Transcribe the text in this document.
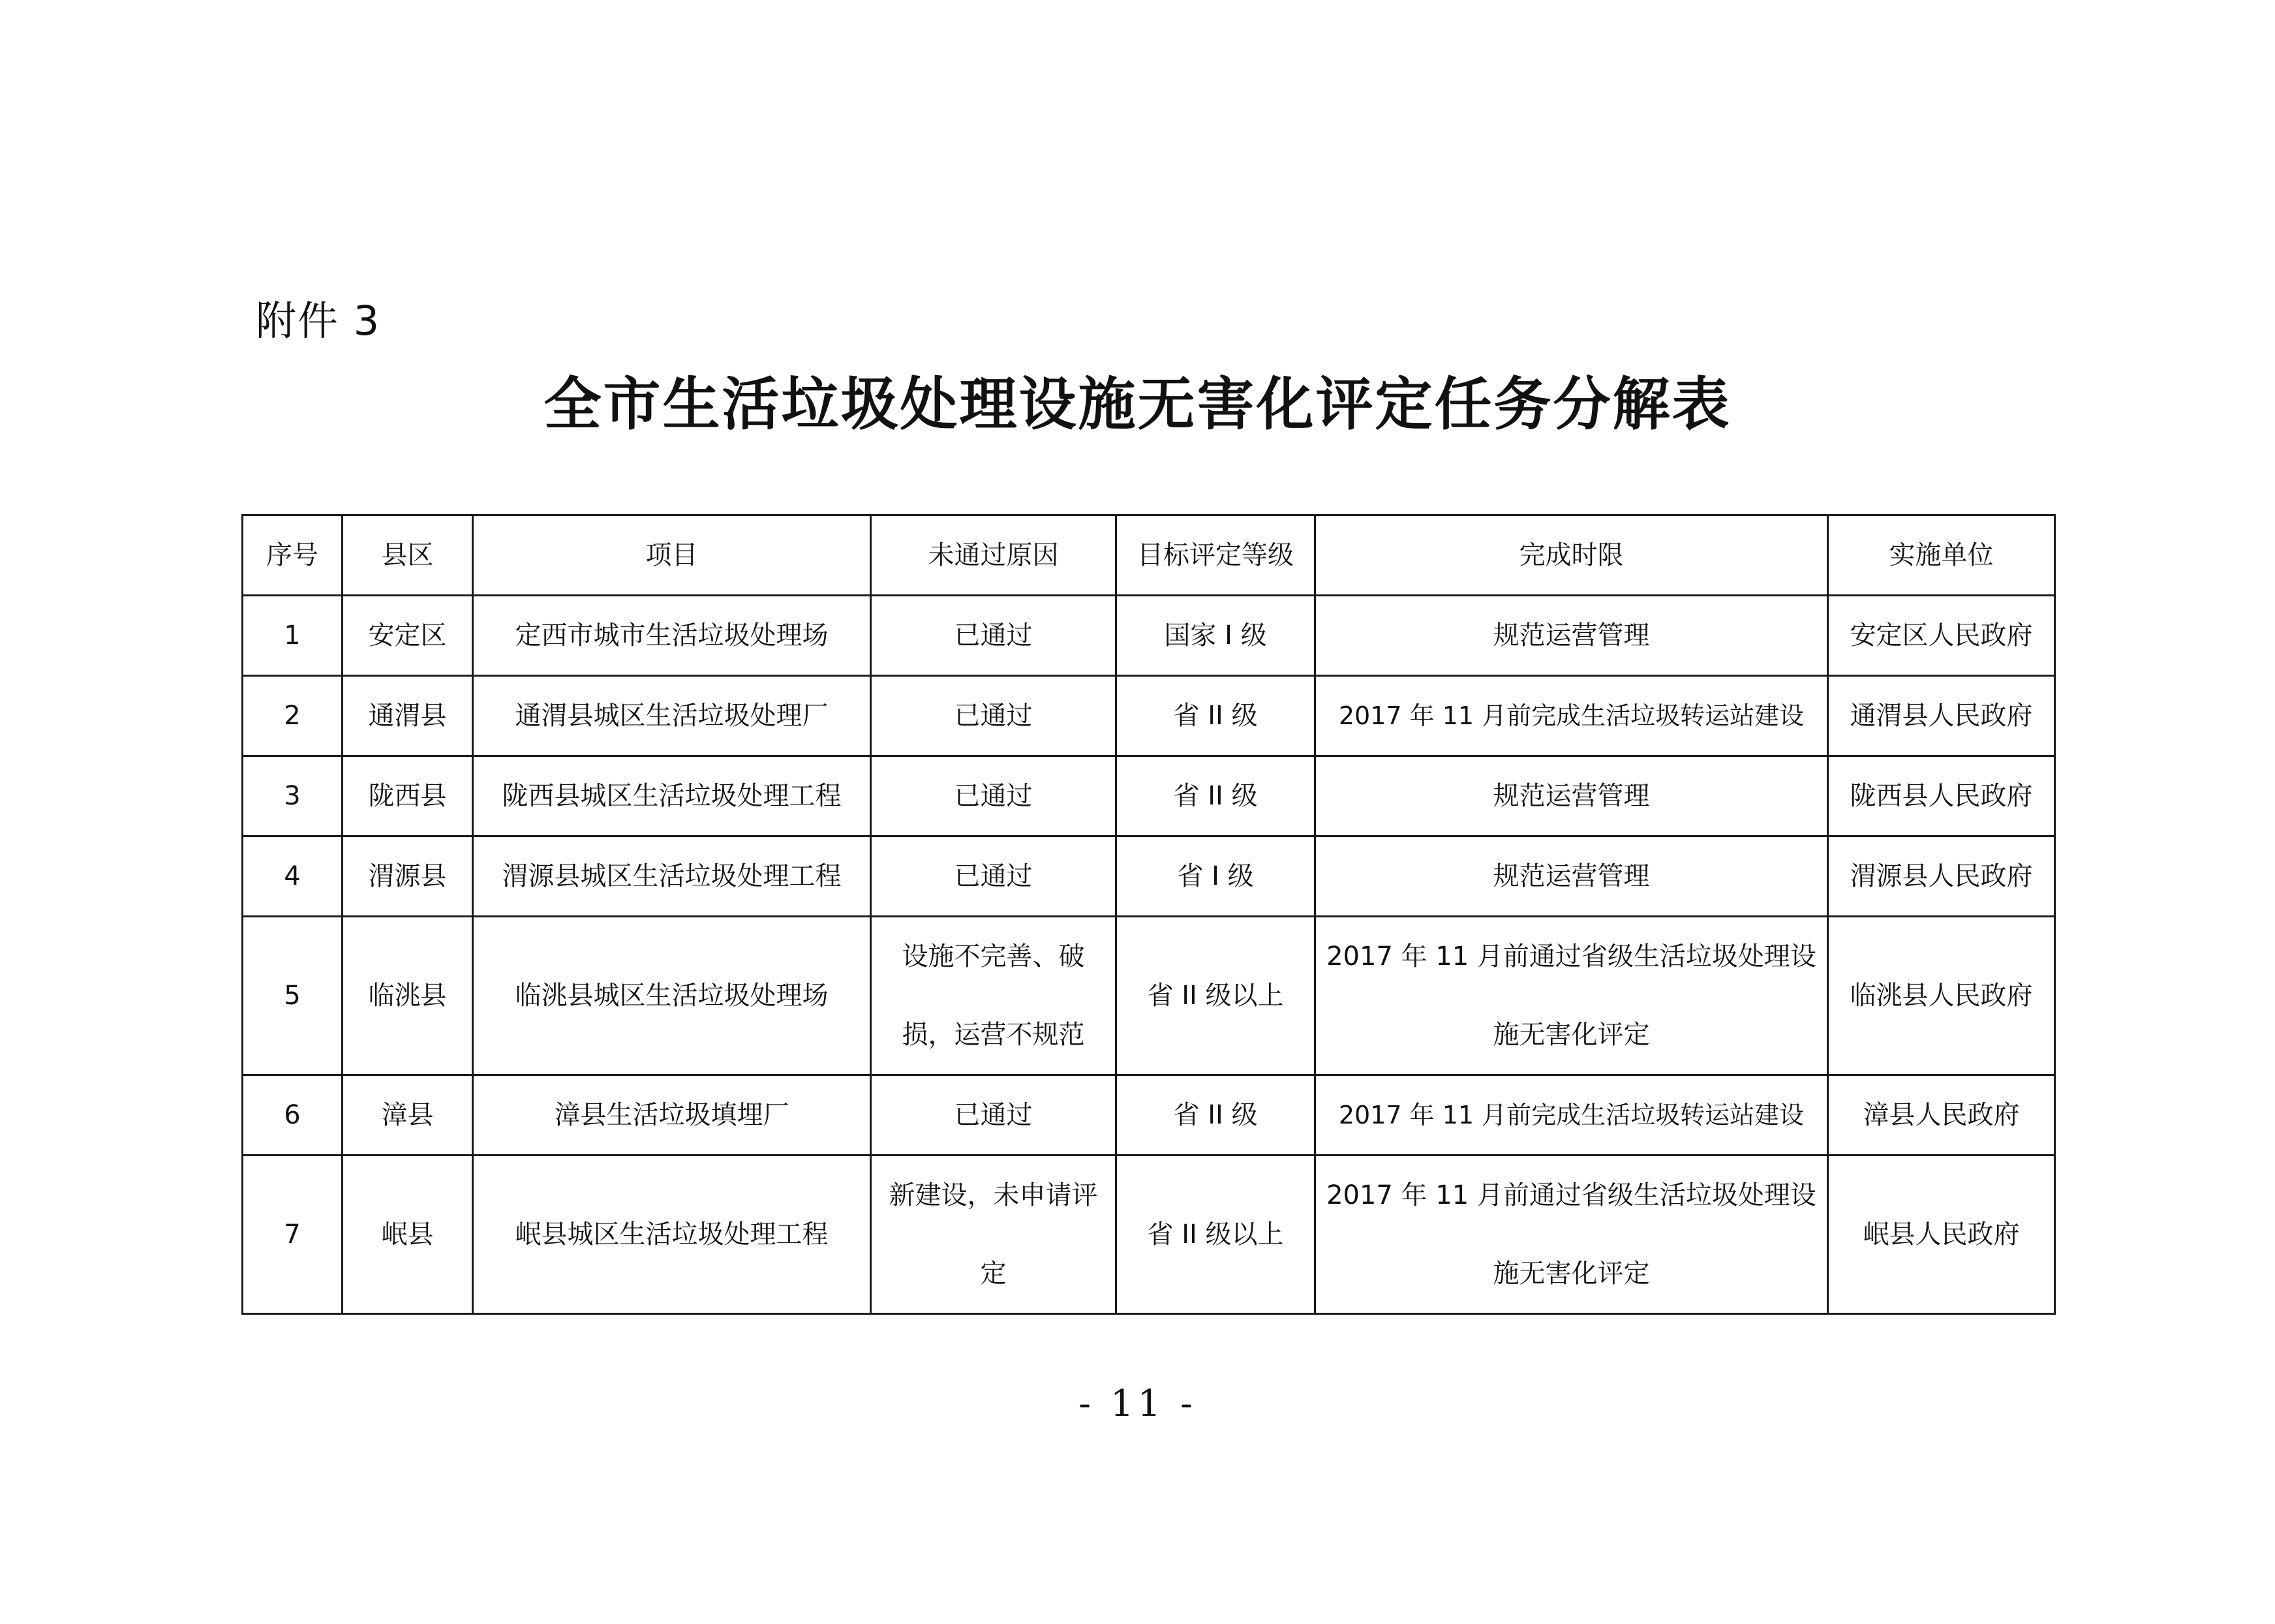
附件 3
全市生活垃圾处理设施无害化评定任务分解表
序号	县区	项目	未通过原因	目标评定等级	完成时限	实施单位

1	安定区	定西市城市生活垃圾处理场	已通过	国家 I 级	规范运营管理	安定区人民政府

2	通渭县	通渭县城区生活垃圾处理厂	已通过	省 II 级	2017 年 11 月前完成生活垃圾转运站建设	通渭县人民政府

3	陇西县	陇西县城区生活垃圾处理工程	已通过	省 II 级	规范运营管理	陇西县人民政府

4	渭源县	渭源县城区生活垃圾处理工程	已通过	省 I 级	规范运营管理	渭源县人民政府

5	临洮县	临洮县城区生活垃圾处理场	设施不完善、破损，运营不规范	省 II 级以上	2017 年 11 月前通过省级生活垃圾处理设施无害化评定	临洮县人民政府

6	漳县	漳县生活垃圾填埋厂	已通过	省 II 级	2017 年 11 月前完成生活垃圾转运站建设	漳县人民政府

7	岷县	岷县城区生活垃圾处理工程	新建设，未申请评定	省 II 级以上	2017 年 11 月前通过省级生活垃圾处理设施无害化评定	岷县人民政府
- 11 -
